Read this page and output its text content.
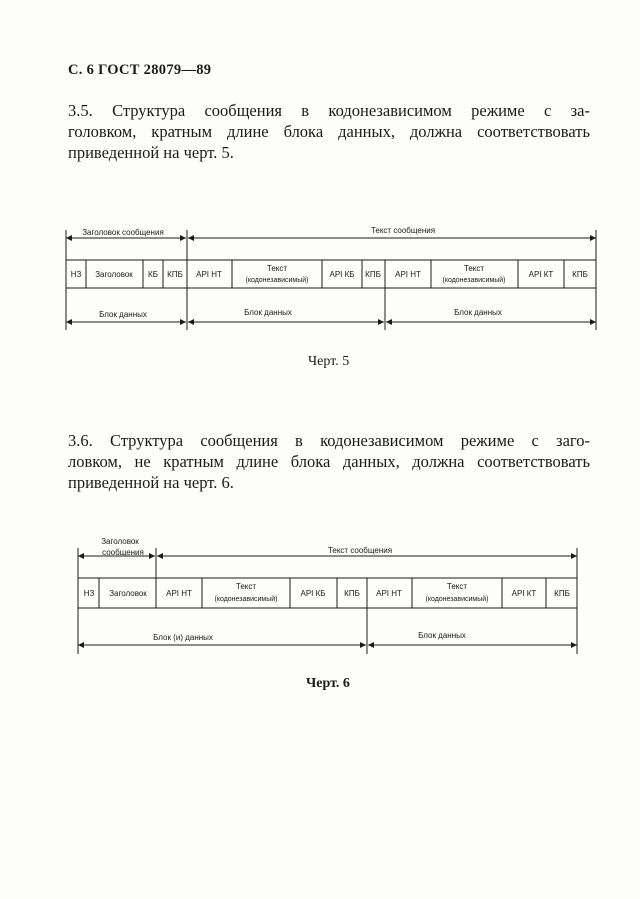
С. 6 ГОСТ 28079—89
3.5. Структура сообщения в кодонезависимом режиме с за-
головком, кратным длине блока данных, должна соответствовать
приведенной на черт. 5.
Заголовок сообщения	Текст сообщения
НЗ Заголовок КБ КПБ АРI НТ
Текст
(кодонезависимый)
АРI КБ КПБ АРI НТ
Текст
(кодонезависимый)
АРI КТ КПБ
Блок данных	Блок данных	Блок данных
Черт. 5
3.6. Структура сообщения в кодонезависимом режиме с заго-
ловком, не кратным длине блока данных, должна соответствовать
приведенной на черт. 6.
Заголовок
сообщения	Текст сообщения
НЗ Заголовок АРI НТ
Текст
(кодонезависимый)
АРI КБ КПБ АРI НТ
Текст
(кодонезависимый)
АРI КТ КПБ
Блок (и) данных	Блок данных
Черт. 6
